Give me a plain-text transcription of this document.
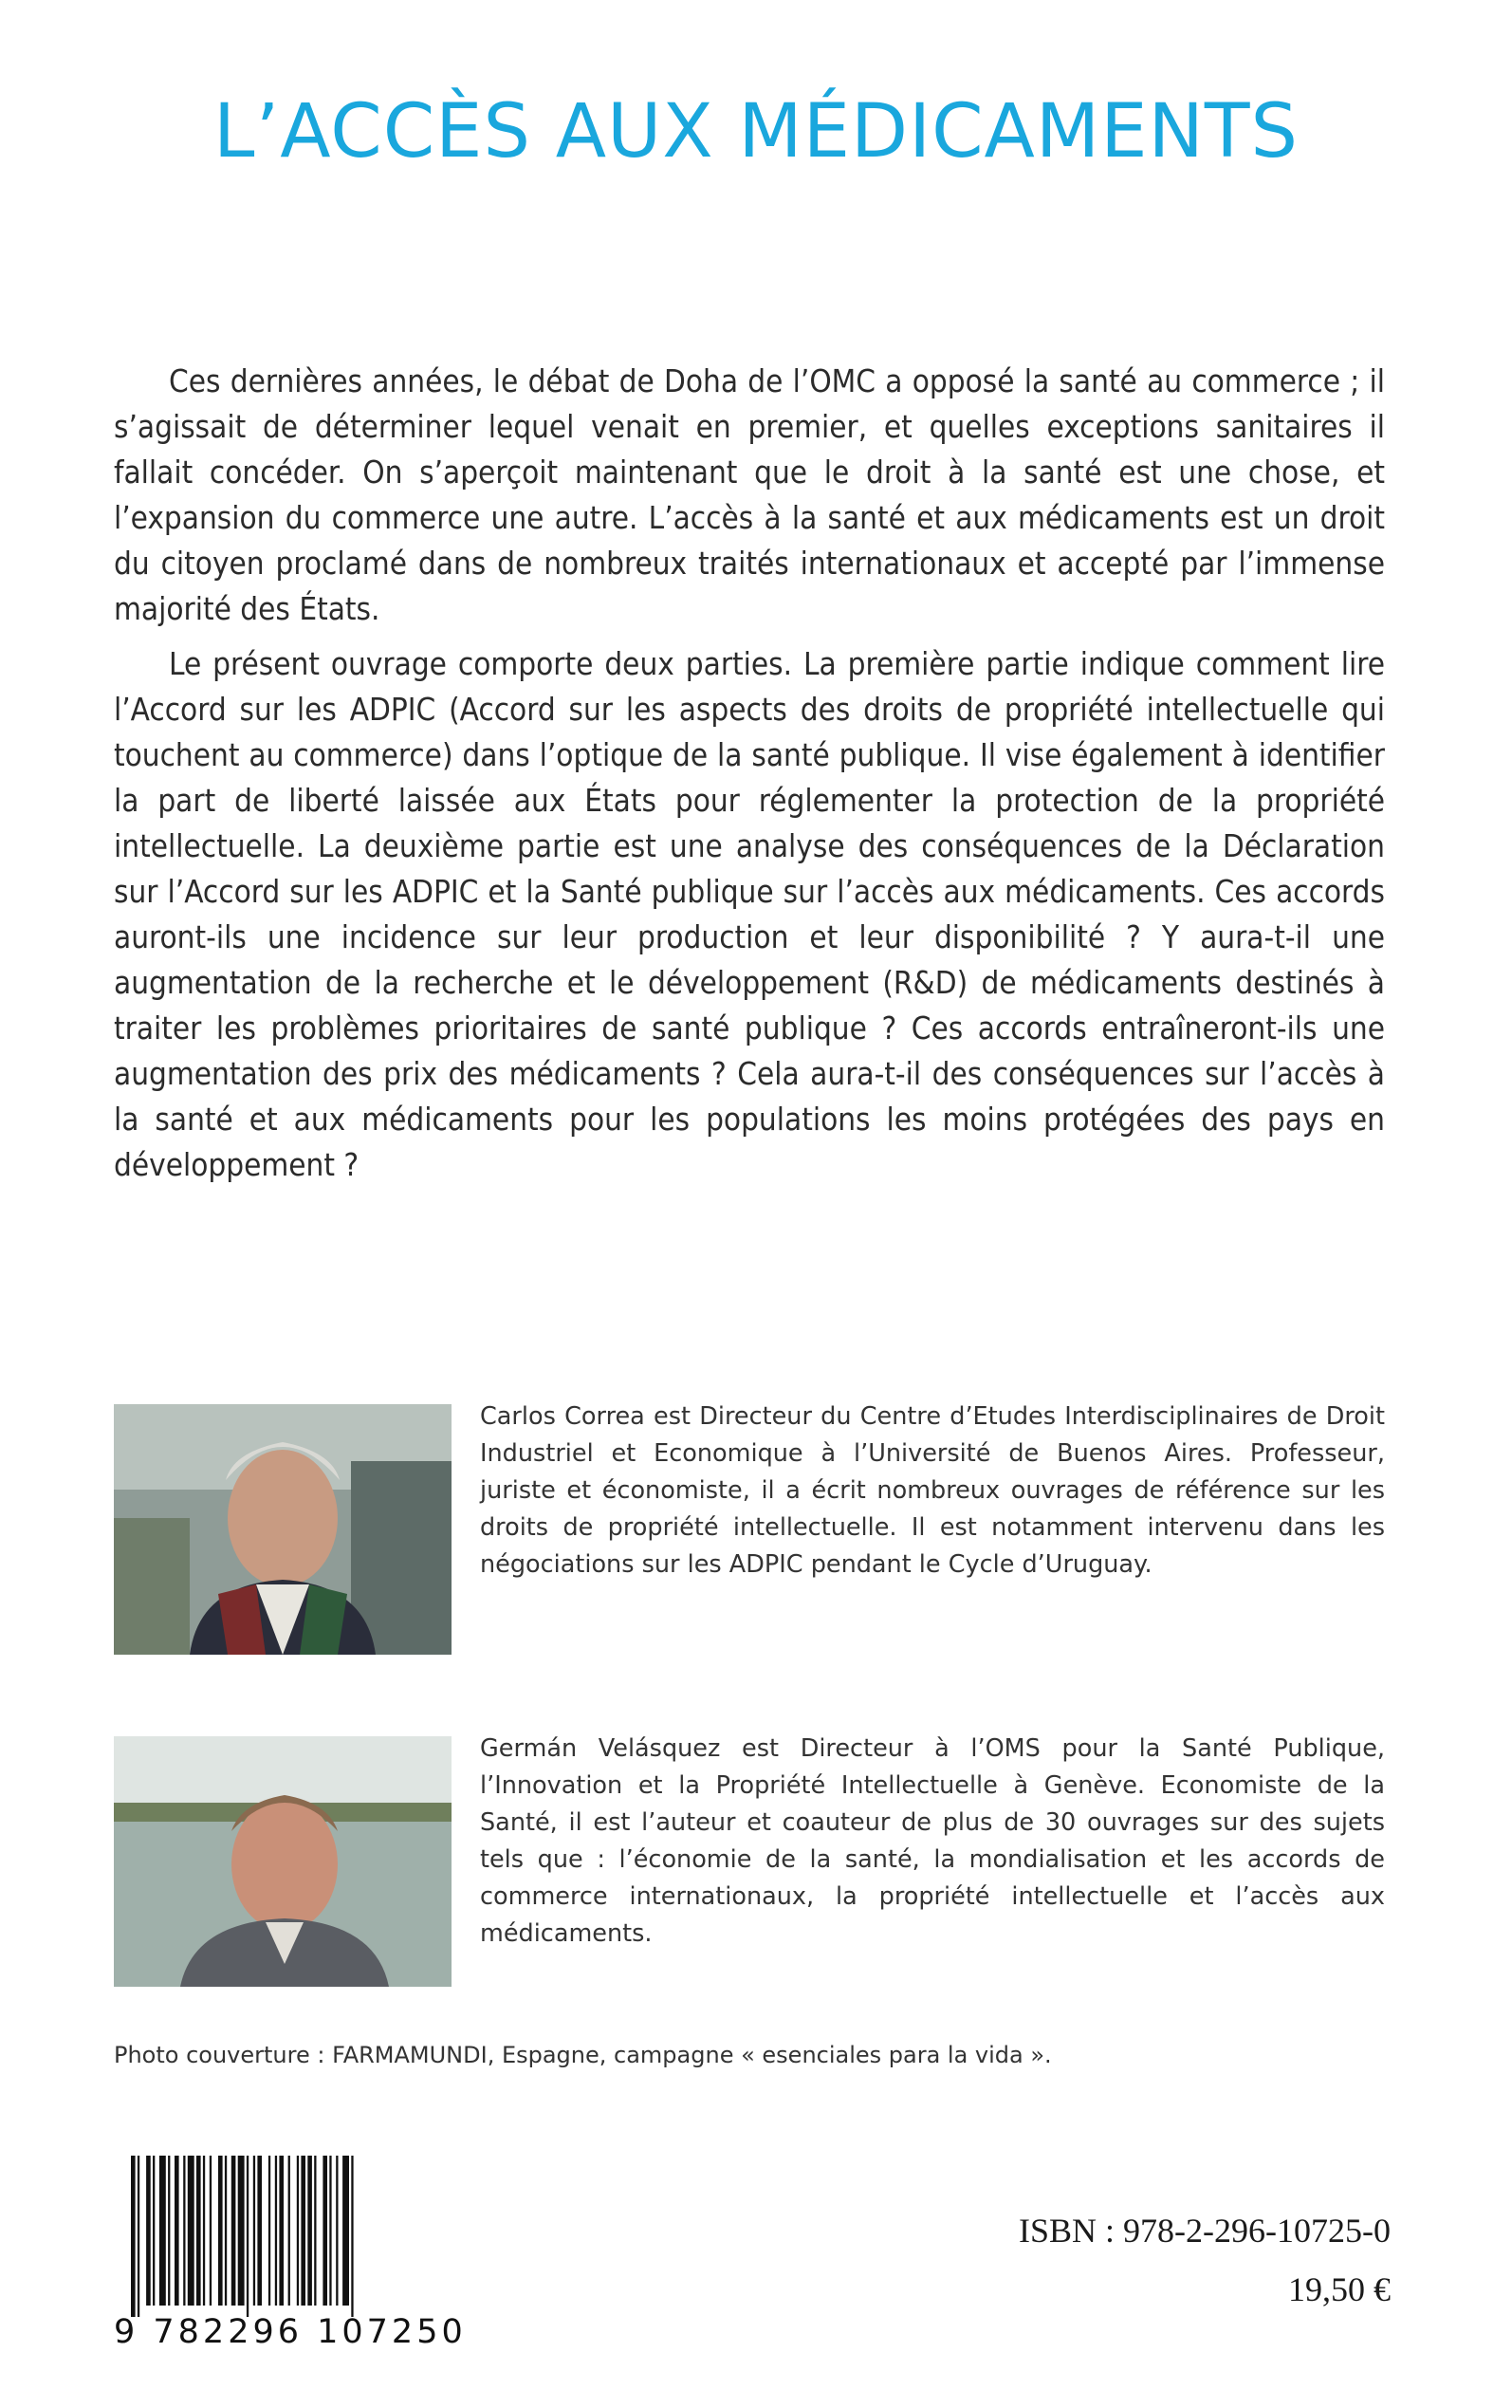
L’ACCÈS AUX MÉDICAMENTS

Ces dernières années, le débat de Doha de l’OMC a opposé la santé au commerce ; il s’agissait de déterminer lequel venait en premier, et quelles exceptions sanitaires il fallait concéder. On s’aperçoit maintenant que le droit à la santé est une chose, et l’expansion du commerce une autre. L’accès à la santé et aux médicaments est un droit du citoyen proclamé dans de nombreux traités internationaux et accepté par l’immense majorité des États.

Le présent ouvrage comporte deux parties. La première partie indique comment lire l’Accord sur les ADPIC (Accord sur les aspects des droits de propriété intellectuelle qui touchent au commerce) dans l’optique de la santé publique. Il vise également à identifier la part de liberté laissée aux États pour réglementer la protection de la propriété intellectuelle. La deuxième partie est une analyse des conséquences de la Déclaration sur l’Accord sur les ADPIC et la Santé publique sur l’accès aux médicaments. Ces accords auront-ils une incidence sur leur production et leur disponibilité ? Y aura-t-il une augmentation de la recherche et le développement (R&D) de médicaments destinés à traiter les problèmes prioritaires de santé publique ? Ces accords entraîneront-ils une augmentation des prix des médicaments ? Cela aura-t-il des conséquences sur l’accès à la santé et aux médicaments pour les populations les moins protégées des pays en développement ?

Carlos Correa est Directeur du Centre d’Etudes Interdisciplinaires de Droit Industriel et Economique à l’Université de Buenos Aires. Professeur, juriste et économiste, il a écrit nombreux ouvrages de référence sur les droits de propriété intellectuelle. Il est notamment intervenu dans les négociations sur les ADPIC pendant le Cycle d’Uruguay.
Germán Velásquez est Directeur à l’OMS pour la Santé Publique, l’Innovation et la Propriété Intellectuelle à Genève. Economiste de la Santé, il est l’auteur et coauteur de plus de 30 ouvrages sur des sujets tels que : l’économie de la santé, la mondialisation et les accords de commerce internationaux, la propriété intellectuelle et l’accès aux médicaments.
Photo couverture : FARMAMUNDI, Espagne, campagne « esenciales para la vida ».
9 782296 107250
ISBN : 978-2-296-10725-0
19,50 €
